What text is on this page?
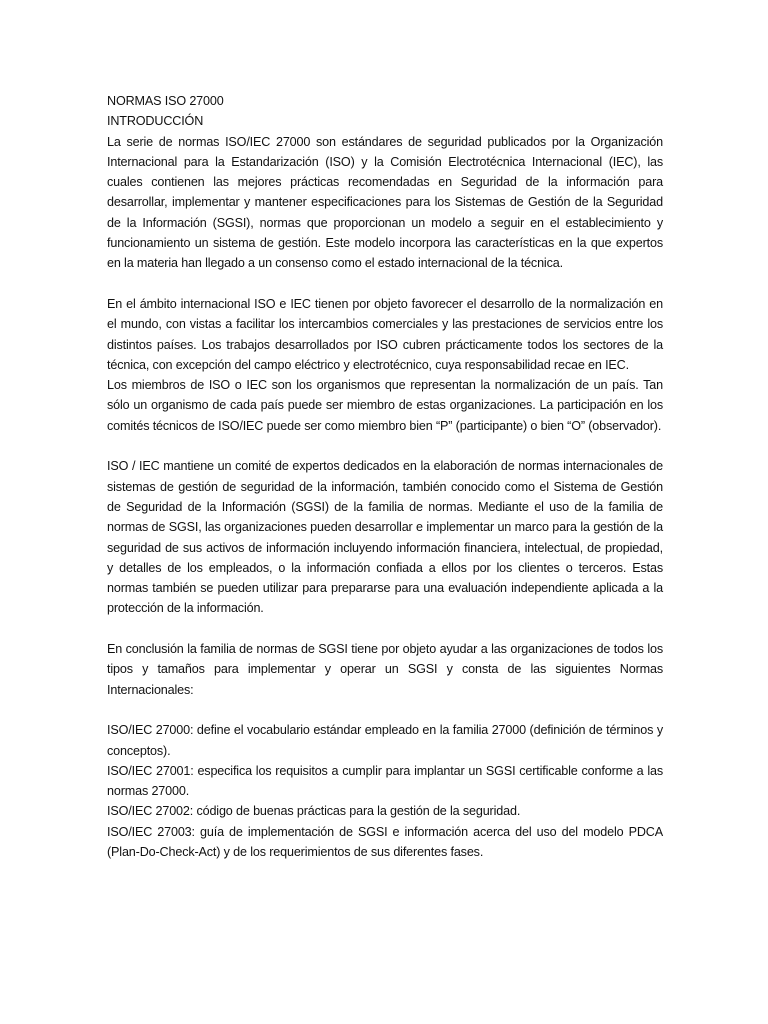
NORMAS ISO 27000

INTRODUCCIÓN

La serie de normas ISO/IEC 27000 son estándares de seguridad publicados por la Organización Internacional para la Estandarización (ISO) y la Comisión Electrotécnica Internacional (IEC), las cuales contienen las mejores prácticas recomendadas en Seguridad de la información para desarrollar, implementar y mantener especificaciones para los Sistemas de Gestión de la Seguridad de la Información (SGSI), normas que proporcionan un modelo a seguir en el establecimiento y funcionamiento un sistema de gestión. Este modelo incorpora las características en la que expertos en la materia han llegado a un consenso como el estado internacional de la técnica.

En el ámbito internacional ISO e IEC tienen por objeto favorecer el desarrollo de la normalización en el mundo, con vistas a facilitar los intercambios comerciales y las prestaciones de servicios entre los distintos países. Los trabajos desarrollados por ISO cubren prácticamente todos los sectores de la técnica, con excepción del campo eléctrico y electrotécnico, cuya responsabilidad recae en IEC.

Los miembros de ISO o IEC son los organismos que representan la normalización de un país. Tan sólo un organismo de cada país puede ser miembro de estas organizaciones. La participación en los comités técnicos de ISO/IEC puede ser como miembro bien “P” (participante) o bien “O” (observador).

ISO / IEC mantiene un comité de expertos dedicados en la elaboración de normas internacionales de sistemas de gestión de seguridad de la información, también conocido como el Sistema de Gestión de Seguridad de la Información (SGSI) de la familia de normas. Mediante el uso de la familia de normas de SGSI, las organizaciones pueden desarrollar e implementar un marco para la gestión de la seguridad de sus activos de información incluyendo información financiera, intelectual, de propiedad, y detalles de los empleados, o la información confiada a ellos por los clientes o terceros. Estas normas también se pueden utilizar para prepararse para una evaluación independiente aplicada a la protección de la información.

En conclusión la familia de normas de SGSI tiene por objeto ayudar a las organizaciones de todos los tipos y tamaños para implementar y operar un SGSI y consta de las siguientes Normas Internacionales:

ISO/IEC 27000: define el vocabulario estándar empleado en la familia 27000 (definición de términos y conceptos).

ISO/IEC 27001: especifica los requisitos a cumplir para implantar un SGSI certificable conforme a las normas 27000.

ISO/IEC 27002: código de buenas prácticas para la gestión de la seguridad.

ISO/IEC 27003: guía de implementación de SGSI e información acerca del uso del modelo PDCA (Plan-Do-Check-Act) y de los requerimientos de sus diferentes fases.
